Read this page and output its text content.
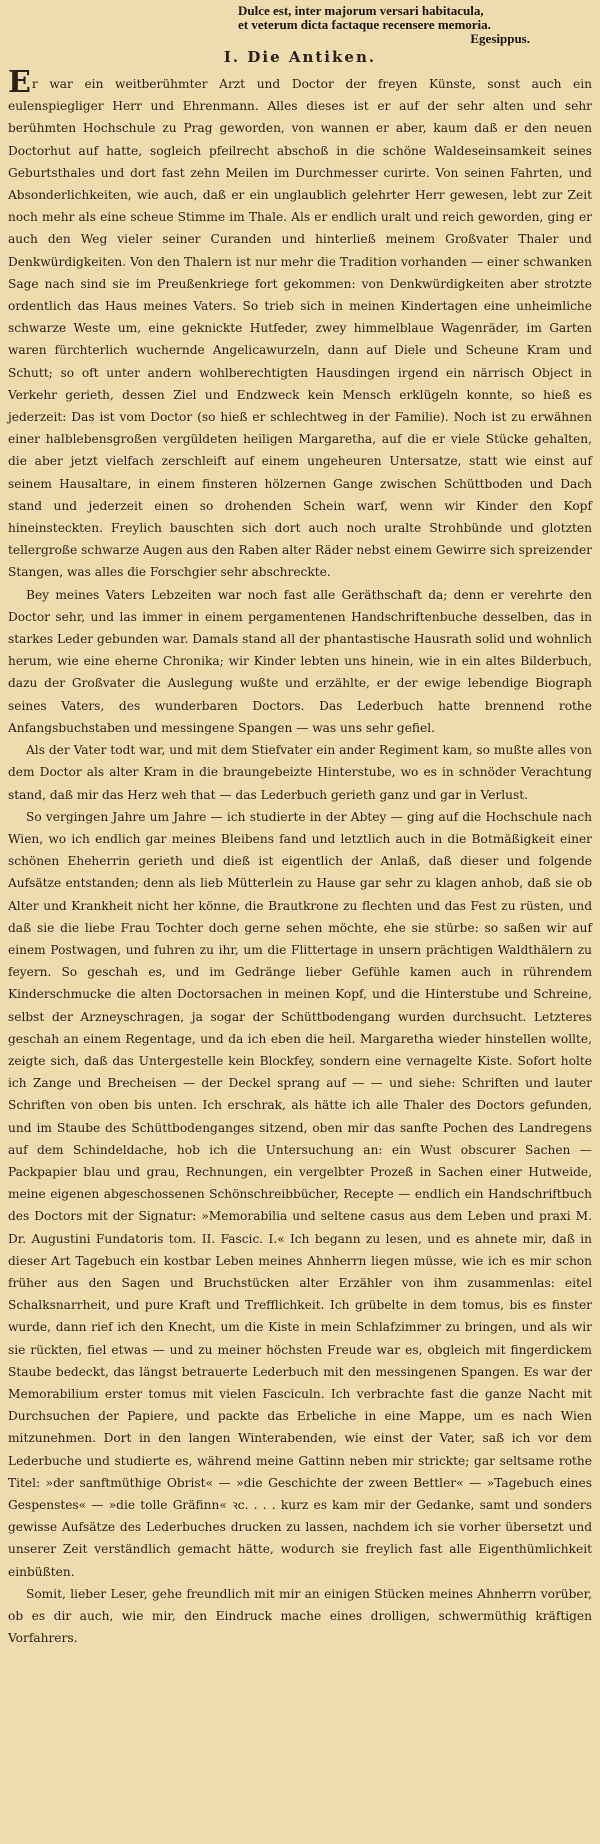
Dulce est, inter majorum versari habitacula,
et veterum dicta factaque recensere memoria.
Egesippus.
I. Die Antiken.

Er war ein weitberühmter Arzt und Doctor der freyen Künste, sonst auch ein eulenspiegliger Herr und Ehrenmann. Alles dieses ist er auf der sehr alten und sehr berühmten Hochschule zu Prag geworden, von wannen er aber, kaum daß er den neuen Doctorhut auf hatte, sogleich pfeilrecht abschoß in die schöne Waldeseinsamkeit seines Geburtsthales und dort fast zehn Meilen im Durchmesser curirte. Von seinen Fahrten, und Absonderlichkeiten, wie auch, daß er ein unglaublich gelehrter Herr gewesen, lebt zur Zeit noch mehr als eine scheue Stimme im Thale. Als er endlich uralt und reich geworden, ging er auch den Weg vieler seiner Curanden und hinterließ meinem Großvater Thaler und Denkwürdigkeiten. Von den Thalern ist nur mehr die Tradition vorhanden — einer schwanken Sage nach sind sie im Preußenkriege fort gekommen: von Denkwürdigkeiten aber strotzte ordentlich das Haus meines Vaters. So trieb sich in meinen Kindertagen eine unheimliche schwarze Weste um, eine geknickte Hutfeder, zwey himmelblaue Wagenräder, im Garten waren fürchterlich wuchernde Angelicawurzeln, dann auf Diele und Scheune Kram und Schutt; so oft unter andern wohlberechtigten Hausdingen irgend ein närrisch Object in Verkehr gerieth, dessen Ziel und Endzweck kein Mensch erklügeln konnte, so hieß es jederzeit: Das ist vom Doctor (so hieß er schlechtweg in der Familie). Noch ist zu erwähnen einer halblebensgroßen vergüldeten heiligen Margaretha, auf die er viele Stücke gehalten, die aber jetzt vielfach zerschleift auf einem ungeheuren Untersatze, statt wie einst auf seinem Hausaltare, in einem finsteren hölzernen Gange zwischen Schüttboden und Dach stand und jederzeit einen so drohenden Schein warf, wenn wir Kinder den Kopf hineinsteckten. Freylich bauschten sich dort auch noch uralte Strohbünde und glotzten tellergroße schwarze Augen aus den Raben alter Räder nebst einem Gewirre sich spreizender Stangen, was alles die Forschgier sehr abschreckte.

Bey meines Vaters Lebzeiten war noch fast alle Geräthschaft da; denn er verehrte den Doctor sehr, und las immer in einem pergamentenen Handschriftenbuche desselben, das in starkes Leder gebunden war. Damals stand all der phantastische Hausrath solid und wohnlich herum, wie eine eherne Chronika; wir Kinder lebten uns hinein, wie in ein altes Bilderbuch, dazu der Großvater die Auslegung wußte und erzählte, er der ewige lebendige Biograph seines Vaters, des wunderbaren Doctors. Das Lederbuch hatte brennend rothe Anfangsbuchstaben und messingene Spangen — was uns sehr gefiel.

Als der Vater todt war, und mit dem Stiefvater ein ander Regiment kam, so mußte alles von dem Doctor als alter Kram in die braungebeizte Hinterstube, wo es in schnöder Verachtung stand, daß mir das Herz weh that — das Lederbuch gerieth ganz und gar in Verlust.

So vergingen Jahre um Jahre — ich studierte in der Abtey — ging auf die Hochschule nach Wien, wo ich endlich gar meines Bleibens fand und letztlich auch in die Botmäßigkeit einer schönen Eheherrin gerieth und dieß ist eigentlich der Anlaß, daß dieser und folgende Aufsätze entstanden; denn als lieb Mütterlein zu Hause gar sehr zu klagen anhob, daß sie ob Alter und Krankheit nicht her könne, die Brautkrone zu flechten und das Fest zu rüsten, und daß sie die liebe Frau Tochter doch gerne sehen möchte, ehe sie stürbe: so saßen wir auf einem Postwagen, und fuhren zu ihr, um die Flittertage in unsern prächtigen Waldthälern zu feyern. So geschah es, und im Gedränge lieber Gefühle kamen auch in rührendem Kinderschmucke die alten Doctorsachen in meinen Kopf, und die Hinterstube und Schreine, selbst der Arzneyschragen, ja sogar der Schüttbodengang wurden durchsucht. Letzteres geschah an einem Regentage, und da ich eben die heil. Margaretha wieder hinstellen wollte, zeigte sich, daß das Untergestelle kein Blockfey, sondern eine vernagelte Kiste. Sofort holte ich Zange und Brecheisen — der Deckel sprang auf — — und siehe: Schriften und lauter Schriften von oben bis unten. Ich erschrak, als hätte ich alle Thaler des Doctors gefunden, und im Staube des Schüttbodenganges sitzend, oben mir das sanfte Pochen des Landregens auf dem Schindeldache, hob ich die Untersuchung an: ein Wust obscurer Sachen — Packpapier blau und grau, Rechnungen, ein vergelbter Prozeß in Sachen einer Hutweide, meine eigenen abgeschossenen Schönschreibbücher, Recepte — endlich ein Handschriftbuch des Doctors mit der Signatur: »Memorabilia und seltene casus aus dem Leben und praxi M. Dr. Augustini Fundatoris tom. II. Fascic. I.« Ich begann zu lesen, und es ahnete mir, daß in dieser Art Tagebuch ein kostbar Leben meines Ahnherrn liegen müsse, wie ich es mir schon früher aus den Sagen und Bruchstücken alter Erzähler von ihm zusammenlas: eitel Schalksnarrheit, und pure Kraft und Trefflichkeit. Ich grübelte in dem tomus, bis es finster wurde, dann rief ich den Knecht, um die Kiste in mein Schlafzimmer zu bringen, und als wir sie rückten, fiel etwas — und zu meiner höchsten Freude war es, obgleich mit fingerdickem Staube bedeckt, das längst betrauerte Lederbuch mit den messingenen Spangen. Es war der Memorabilium erster tomus mit vielen Fasciculn. Ich verbrachte fast die ganze Nacht mit Durchsuchen der Papiere, und packte das Erbeliche in eine Mappe, um es nach Wien mitzunehmen. Dort in den langen Winterabenden, wie einst der Vater, saß ich vor dem Lederbuche und studierte es, während meine Gattinn neben mir strickte; gar seltsame rothe Titel: »der sanftmüthige Obrist« — »die Geschichte der zween Bettler« — »Tagebuch eines Gespenstes« — »die tolle Gräfinn« ꝛc. . . . kurz es kam mir der Gedanke, samt und sonders gewisse Aufsätze des Lederbuches drucken zu lassen, nachdem ich sie vorher übersetzt und unserer Zeit verständlich gemacht hätte, wodurch sie freylich fast alle Eigenthümlichkeit einbüßten.

Somit, lieber Leser, gehe freundlich mit mir an einigen Stücken meines Ahnherrn vorüber, ob es dir auch, wie mir, den Eindruck mache eines drolligen, schwermüthig kräftigen Vorfahrers.
